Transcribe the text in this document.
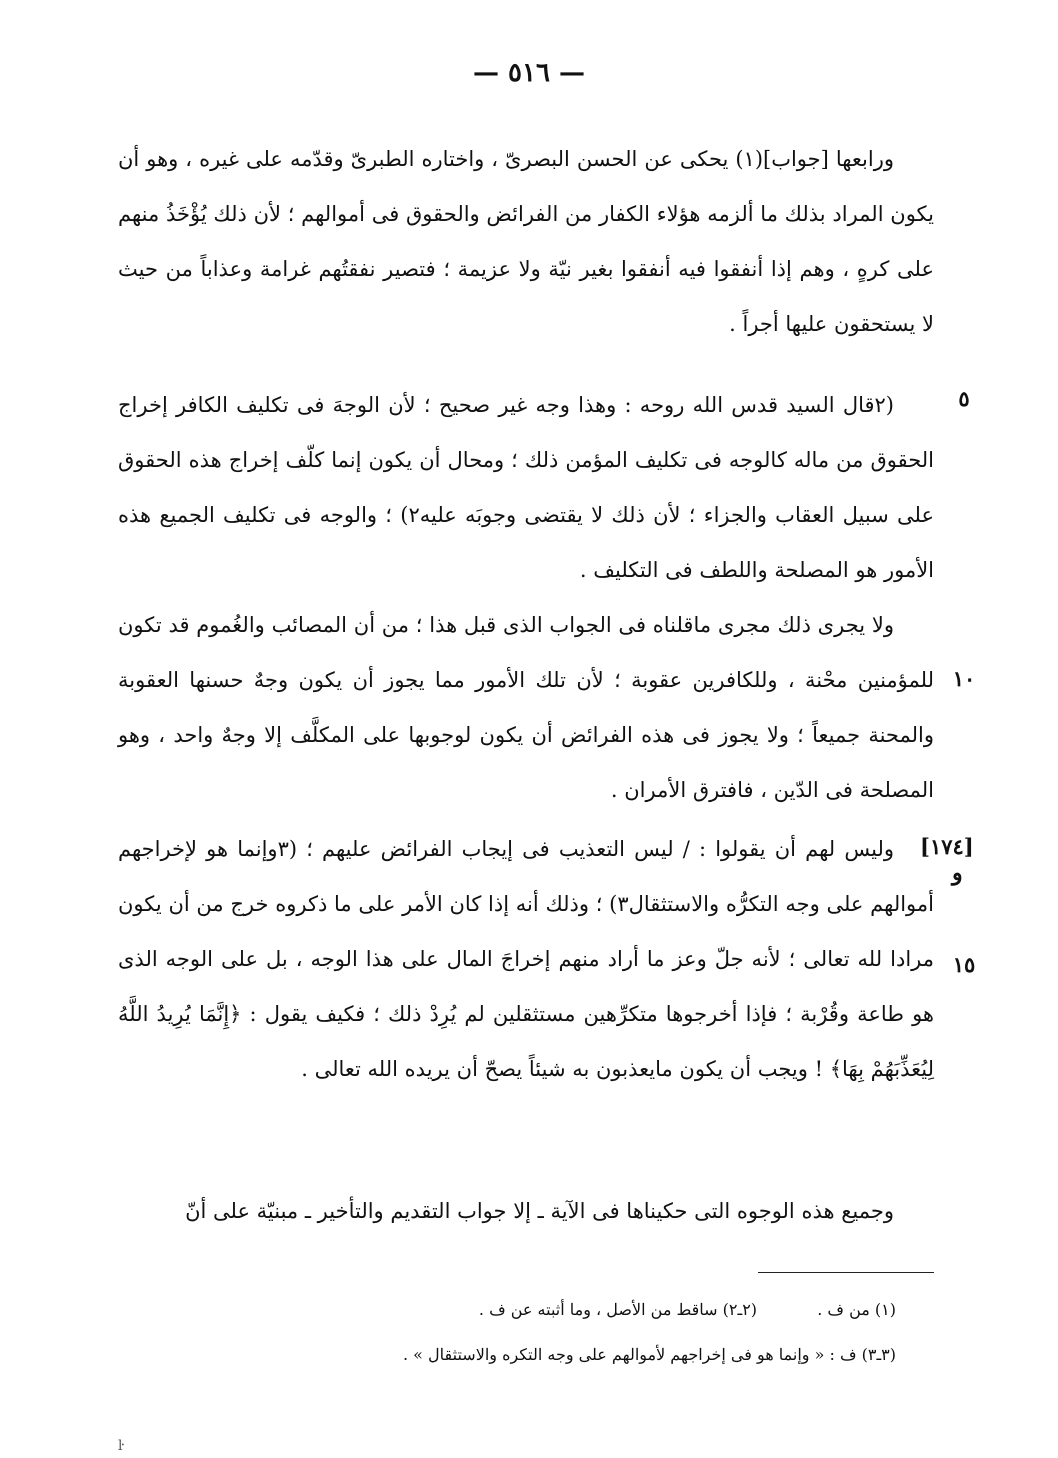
— ٥١٦ —

ورابعها [جواب](١) يحكى عن الحسن البصرىّ ، واختاره الطبرىّ وقدّمه على غيره ، وهو أن يكون المراد بذلك ما ألزمه هؤلاء الكفار من الفرائض والحقوق فى أموالهم ؛ لأن ذلك يُؤْخَذُ منهم على كرهٍ ، وهم إذا أنفقوا فيه أنفقوا بغير نيّة ولا عزيمة ؛ فتصير نفقتُهم غرامة وعذاباً من حيث لا يستحقون عليها أجراً .

٥

(٢قال السيد قدس الله روحه : وهذا وجه غير صحيح ؛ لأن الوجهَ فى تكليف الكافر إخراج الحقوق من ماله كالوجه فى تكليف المؤمن ذلك ؛ ومحال أن يكون إنما كلّف إخراج هذه الحقوق على سبيل العقاب والجزاء ؛ لأن ذلك لا يقتضى وجوبَه عليه٢) ؛ والوجه فى تكليف الجميع هذه الأمور هو المصلحة واللطف فى التكليف .

١٠

ولا يجرى ذلك مجرى ماقلناه فى الجواب الذى قبل هذا ؛ من أن المصائب والغُموم قد تكون للمؤمنين محْنة ، وللكافرين عقوبة ؛ لأن تلك الأمور مما يجوز أن يكون وجهٌ حسنها العقوبة والمحنة جميعاً ؛ ولا يجوز فى هذه الفرائض أن يكون لوجوبها على المكلَّف إلا وجهٌ واحد ، وهو المصلحة فى الدّين ، فافترق الأمران .

[١٧٤]
و
١٥

وليس لهم أن يقولوا : / ليس التعذيب فى إيجاب الفرائض عليهم ؛ (٣وإنما هو لإخراجهم أموالهم على وجه التكرُّه والاستثقال٣) ؛ وذلك أنه إذا كان الأمر على ما ذكروه خرج من أن يكون مرادا لله تعالى ؛ لأنه جلّ وعز ما أراد منهم إخراجَ المال على هذا الوجه ، بل على الوجه الذى هو طاعة وقُرْبة ؛ فإذا أخرجوها متكرِّهين مستثقلين لم يُرِدْ ذلك ؛ فكيف يقول : ﴿إِنَّمَا يُرِيدُ اللَّهُ لِيُعَذِّبَهُمْ بِهَا﴾ ! ويجب أن يكون مايعذبون به شيئاً يصحّ أن يريده الله تعالى .

وجميع هذه الوجوه التى حكيناها فى الآية ـ إلا جواب التقديم والتأخير ـ مبنيّة على أنّ

(١) من ف .  (٢ـ٢) ساقط من الأصل ، وما أثبته عن ف .

(٣ـ٣) ف : « وإنما هو فى إخراجهم لأموالهم على وجه التكره والاستثقال » .

ŀ
